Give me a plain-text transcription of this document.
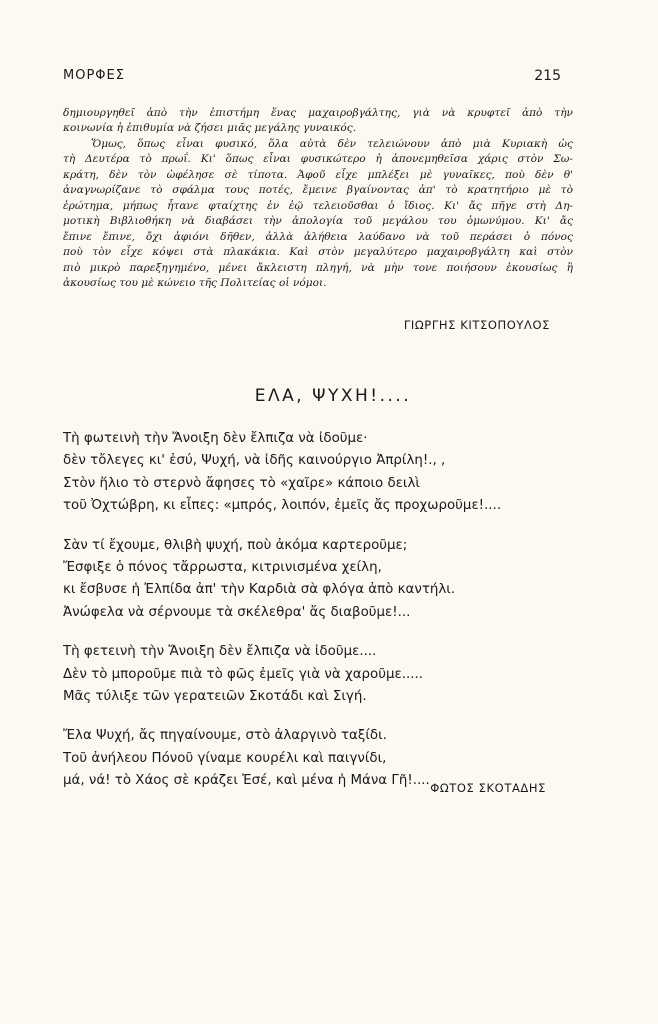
ΜΟΡΦΕΣ	215
δημιουργηθεῖ ἀπὸ τὴν ἐπιστήμη ἕνας μαχαιροβγάλτης, γιὰ νὰ κρυφτεῖ ἀπὸ τὴν
κοινωνία ἡ ἐπιθυμία νὰ ζήσει μιᾶς μεγάλης γυναικός.
Ὅμως, ὅπως εἶναι φυσικό, ὅλα αὐτὰ δὲν τελειώνουν ἀπὸ μιὰ Κυριακὴ ὡς
τὴ Δευτέρα τὸ πρωΐ. Κι' ὅπως εἶναι φυσικώτερο ἡ ἀπονεμηθεῖσα χάρις στὸν Σω-
κράτη, δὲν τὸν ὠφέλησε σὲ τίποτα. Ἀφοῦ εἶχε μπλέξει μὲ γυναῖκες, ποὺ δὲν θ'
ἀναγνωρίζανε τὸ σφάλμα τους ποτές, ἔμεινε βγαίνοντας ἀπ' τὸ κρατητήριο μὲ τὸ
ἐρώτημα, μήπως ἦτανε φταίχτης ἐν ἐῷ τελειοῦσθαι ὁ ἴδιος. Κι' ἄς πῆγε στὴ Δη-
μοτικὴ Βιβλιοθήκη νὰ διαβάσει τὴν ἀπολογία τοῦ μεγάλου του ὁμωνύμου. Κι' ἄς
ἔπινε ἔπινε, ὄχι ἀφιόνι δῆθεν, ἀλλὰ ἀλήθεια λαύδανο νὰ τοῦ περάσει ὁ πόνος
ποὺ τὸν εἶχε κόψει στὰ πλακάκια. Καὶ στὸν μεγαλύτερο μαχαιροβγάλτη καὶ στὸν
πιὸ μικρὸ παρεξηγημένο, μένει ἄκλειστη πληγή, νὰ μὴν τονε ποιήσουν ἑκουσίως ἢ
ἀκουσίως του μὲ κώνειο τῆς Πολιτείας οἱ νόμοι.
ΓΙΩΡΓΗΣ ΚΙΤΣΟΠΟΥΛΟΣ
ΕΛΑ, ΨΥΧΗ!....
Τὴ φωτεινὴ τὴν Ἄνοιξη δὲν ἔλπιζα νὰ ἰδοῦμε·
δὲν τὄλεγες κι' ἐσύ, Ψυχή, νὰ ἰδῆς καινούργιο Ἀπρίλη!., ,
Στὸν ἥλιο τὸ στερνὸ ἄφησες τὸ «χαῖρε» κάποιο δειλὶ
τοῦ Ὀχτώβρη, κι εἶπες: «μπρός, λοιπόν, ἐμεῖς ἄς προχωροῦμε!....
Σὰν τί ἔχουμε, θλιβὴ ψυχή, ποὺ ἀκόμα καρτεροῦμε;
Ἔσφιξε ὁ πόνος τἄρρωστα, κιτρινισμένα χείλη,
κι ἔσβυσε ἡ Ἐλπίδα ἀπ' τὴν Καρδιὰ σὰ φλόγα ἀπὸ καντήλι.
Ἀνώφελα νὰ σέρνουμε τὰ σκέλεθρα' ἄς διαβοῦμε!...
Τὴ φετεινὴ τὴν Ἄνοιξη δὲν ἔλπιζα νὰ ἰδοῦμε....
Δὲν τὸ μποροῦμε πιὰ τὸ φῶς ἐμεῖς γιὰ νὰ χαροῦμε.....
Μᾶς τύλιξε τῶν γερατειῶν Σκοτάδι καὶ Σιγή.
Ἔλα Ψυχή, ἄς πηγαίνουμε, στὸ ἀλαργινὸ ταξίδι.
Τοῦ ἀνήλεου Πόνοῦ γίναμε κουρέλι καὶ παιγνίδι,
μά, νά! τὸ Χάος σὲ κράζει Ἐσέ, καὶ μένα ἡ Μάνα Γῆ!.... ΦΩΤΟΣ ΣΚΟΤΑΔΗΣ
